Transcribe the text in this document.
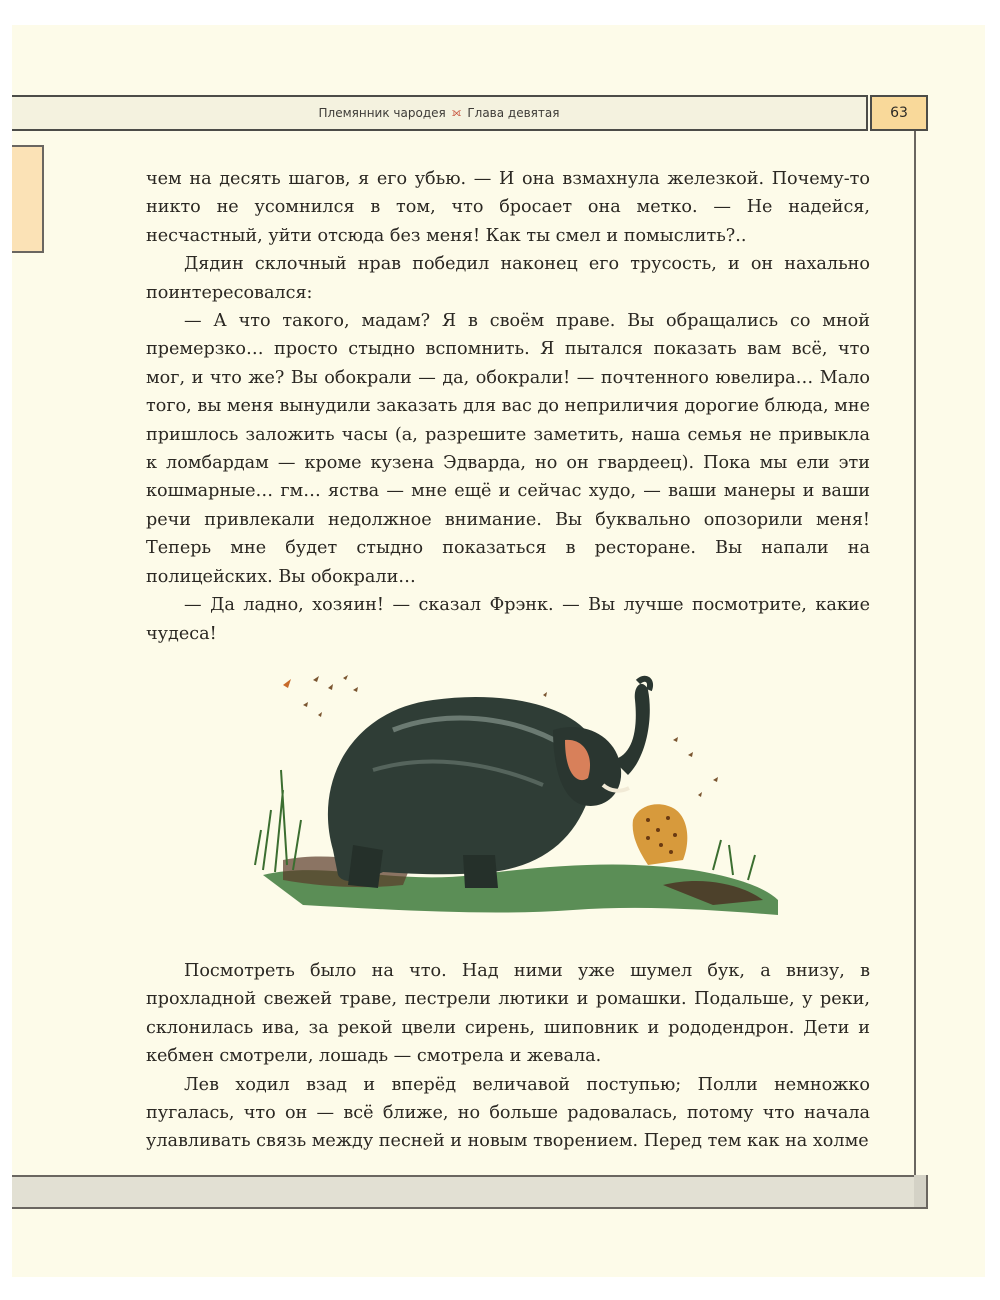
Племянник чародея ⟗ Глава девятая	63

чем на десять шагов, я его убью. — И она взмахнула железкой. Почему-то никто не усомнился в том, что бросает она метко. — Не надейся, несчастный, уйти отсюда без меня! Как ты смел и помыслить?..

Дядин склочный нрав победил наконец его трусость, и он нахально поинтересовался:

— А что такого, мадам? Я в своём праве. Вы обращались со мной премерзко… просто стыдно вспомнить. Я пытался показать вам всё, что мог, и что же? Вы обокрали — да, обокрали! — почтенного ювелира… Мало того, вы меня вынудили заказать для вас до неприличия дорогие блюда, мне пришлось заложить часы (а, разрешите заметить, наша семья не привыкла к ломбардам — кроме кузена Эдварда, но он гвардеец). Пока мы ели эти кошмарные… гм… яства — мне ещё и сейчас худо, — ваши манеры и ваши речи привлекали недолжное внимание. Вы буквально опозорили меня! Теперь мне будет стыдно показаться в ресторане. Вы напали на полицейских. Вы обокрали…

— Да ладно, хозяин! — сказал Фрэнк. — Вы лучше посмотрите, какие чудеса!

Посмотреть было на что. Над ними уже шумел бук, а внизу, в прохладной свежей траве, пестрели лютики и ромашки. Подальше, у реки, склонилась ива, за рекой цвели сирень, шиповник и рододендрон. Дети и кебмен смотрели, лошадь — смотрела и жевала.

Лев ходил взад и вперёд величавой поступью; Полли немножко пугалась, что он — всё ближе, но больше радовалась, потому что начала улавливать связь между песней и новым творением. Перед тем как на холме
